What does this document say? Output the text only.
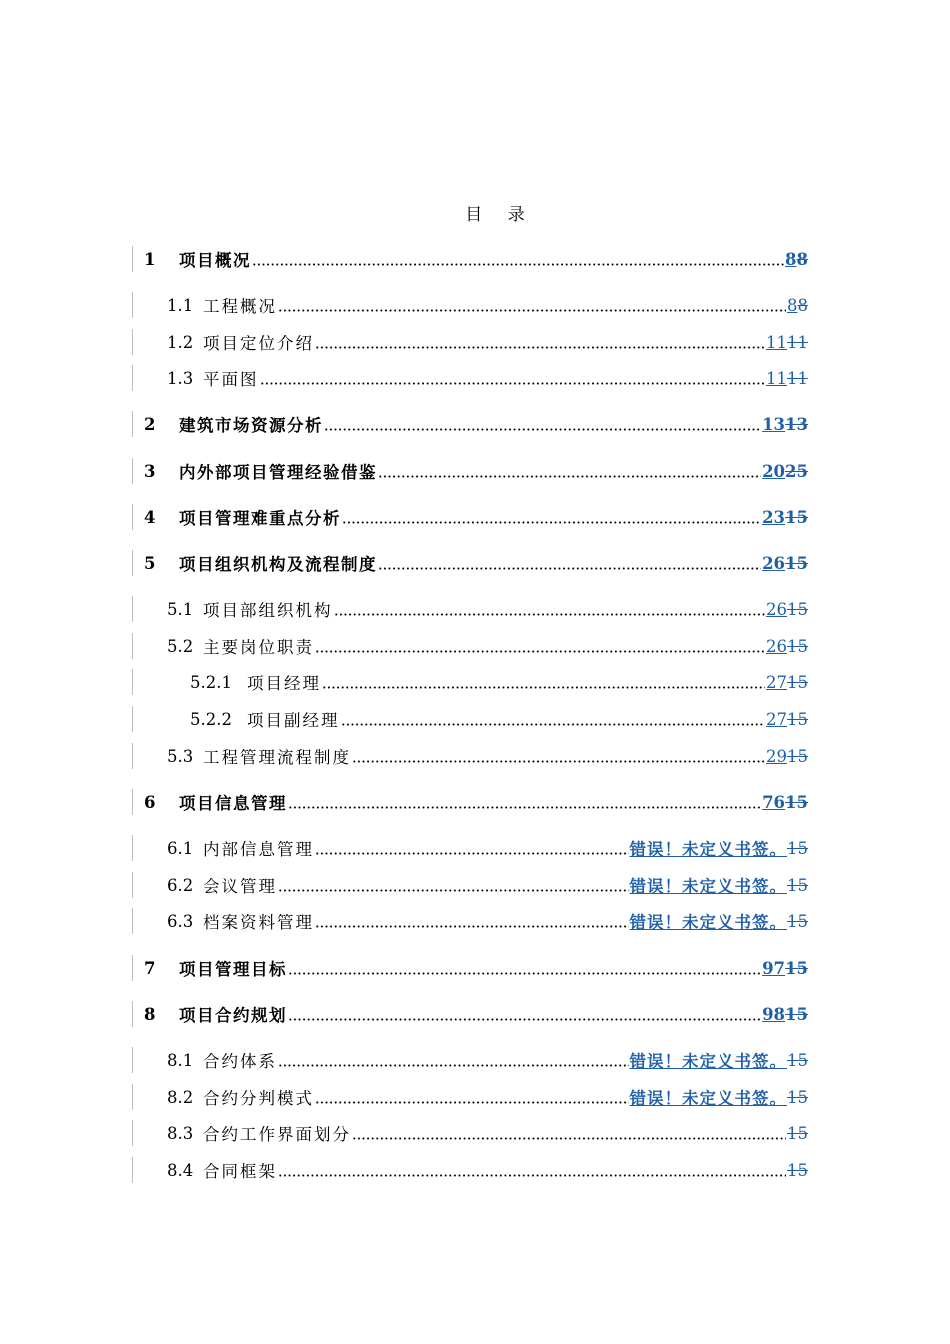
目 录
1	项目概况	8 8
1.1 工程概况	8 8
1.2 项目定位介绍	11 11
1.3 平面图	11 11
2	建筑市场资源分析	13 13
3	内外部项目管理经验借鉴	20 25
4	项目管理难重点分析	23 15
5	项目组织机构及流程制度	26 15
5.1 项目部组织机构	26 15
5.2 主要岗位职责	26 15
5.2.1 项目经理	27 15
5.2.2 项目副经理	27 15
5.3 工程管理流程制度	29 15
6	项目信息管理	76 15
6.1 内部信息管理	错误！未定义书签。 15
6.2 会议管理	错误！未定义书签。 15
6.3 档案资料管理	错误！未定义书签。 15
7	项目管理目标	97 15
8	项目合约规划	98 15
8.1 合约体系	错误！未定义书签。 15
8.2 合约分判模式	错误！未定义书签。 15
8.3 合约工作界面划分	15
8.4 合同框架	15
